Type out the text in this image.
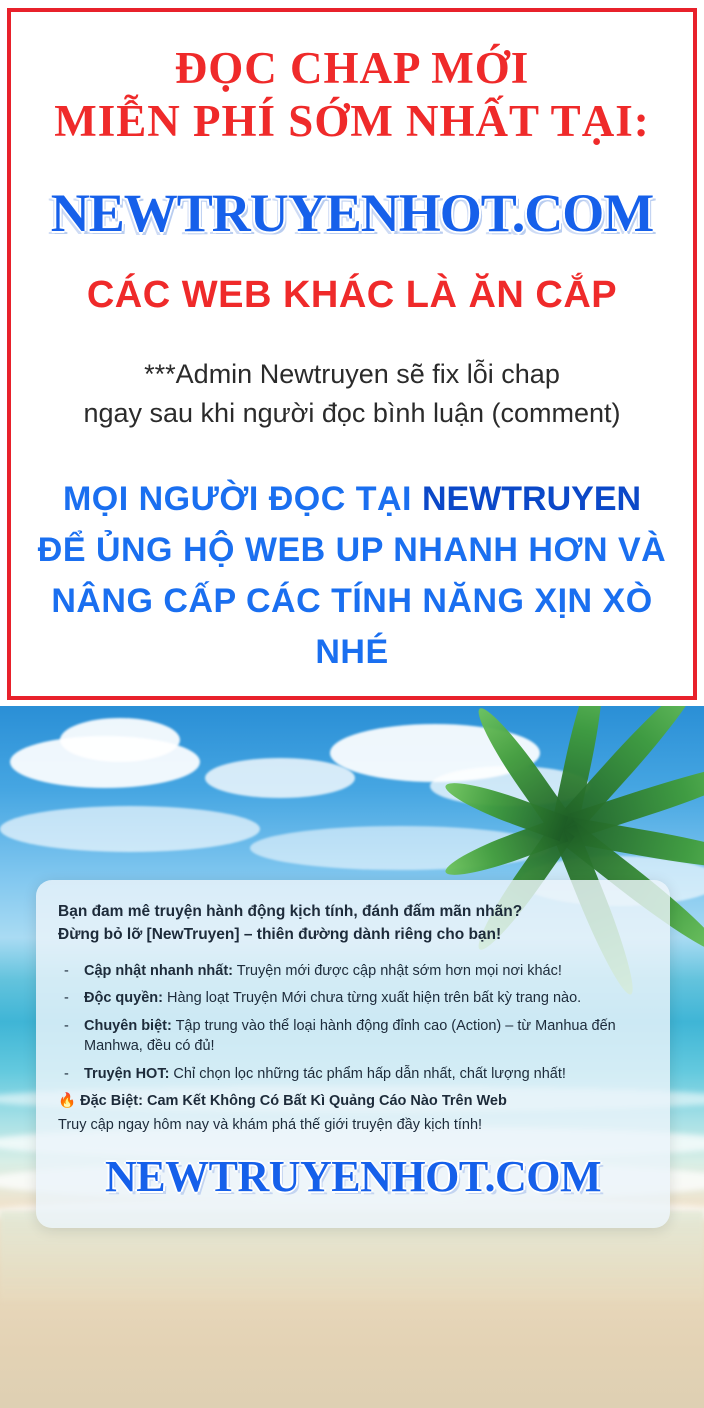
ĐỌC CHAP MỚI
MIỄN PHÍ SỚM NHẤT TẠI:
NEWTRUYENHOT.COM
CÁC WEB KHÁC LÀ ĂN CẮP
***Admin Newtruyen sẽ fix lỗi chap
ngay sau khi người đọc bình luận (comment)
MỌI NGƯỜI ĐỌC TẠI NEWTRUYEN
ĐỂ ỦNG HỘ WEB UP NHANH HƠN VÀ
NÂNG CẤP CÁC TÍNH NĂNG XỊN XÒ NHÉ
Bạn đam mê truyện hành động kịch tính, đánh đấm mãn nhãn?
Đừng bỏ lỡ [NewTruyen] – thiên đường dành riêng cho bạn!
- Cập nhật nhanh nhất: Truyện mới được cập nhật sớm hơn mọi nơi khác!
- Độc quyền: Hàng loạt Truyện Mới chưa từng xuất hiện trên bất kỳ trang nào.
- Chuyên biệt: Tập trung vào thể loại hành động đỉnh cao (Action) – từ Manhua đến Manhwa, đều có đủ!
- Truyện HOT: Chỉ chọn lọc những tác phẩm hấp dẫn nhất, chất lượng nhất!
🔥 Đặc Biệt: Cam Kết Không Có Bất Kì Quảng Cáo Nào Trên Web
Truy cập ngay hôm nay và khám phá thế giới truyện đầy kịch tính!
NEWTRUYENHOT.COM
